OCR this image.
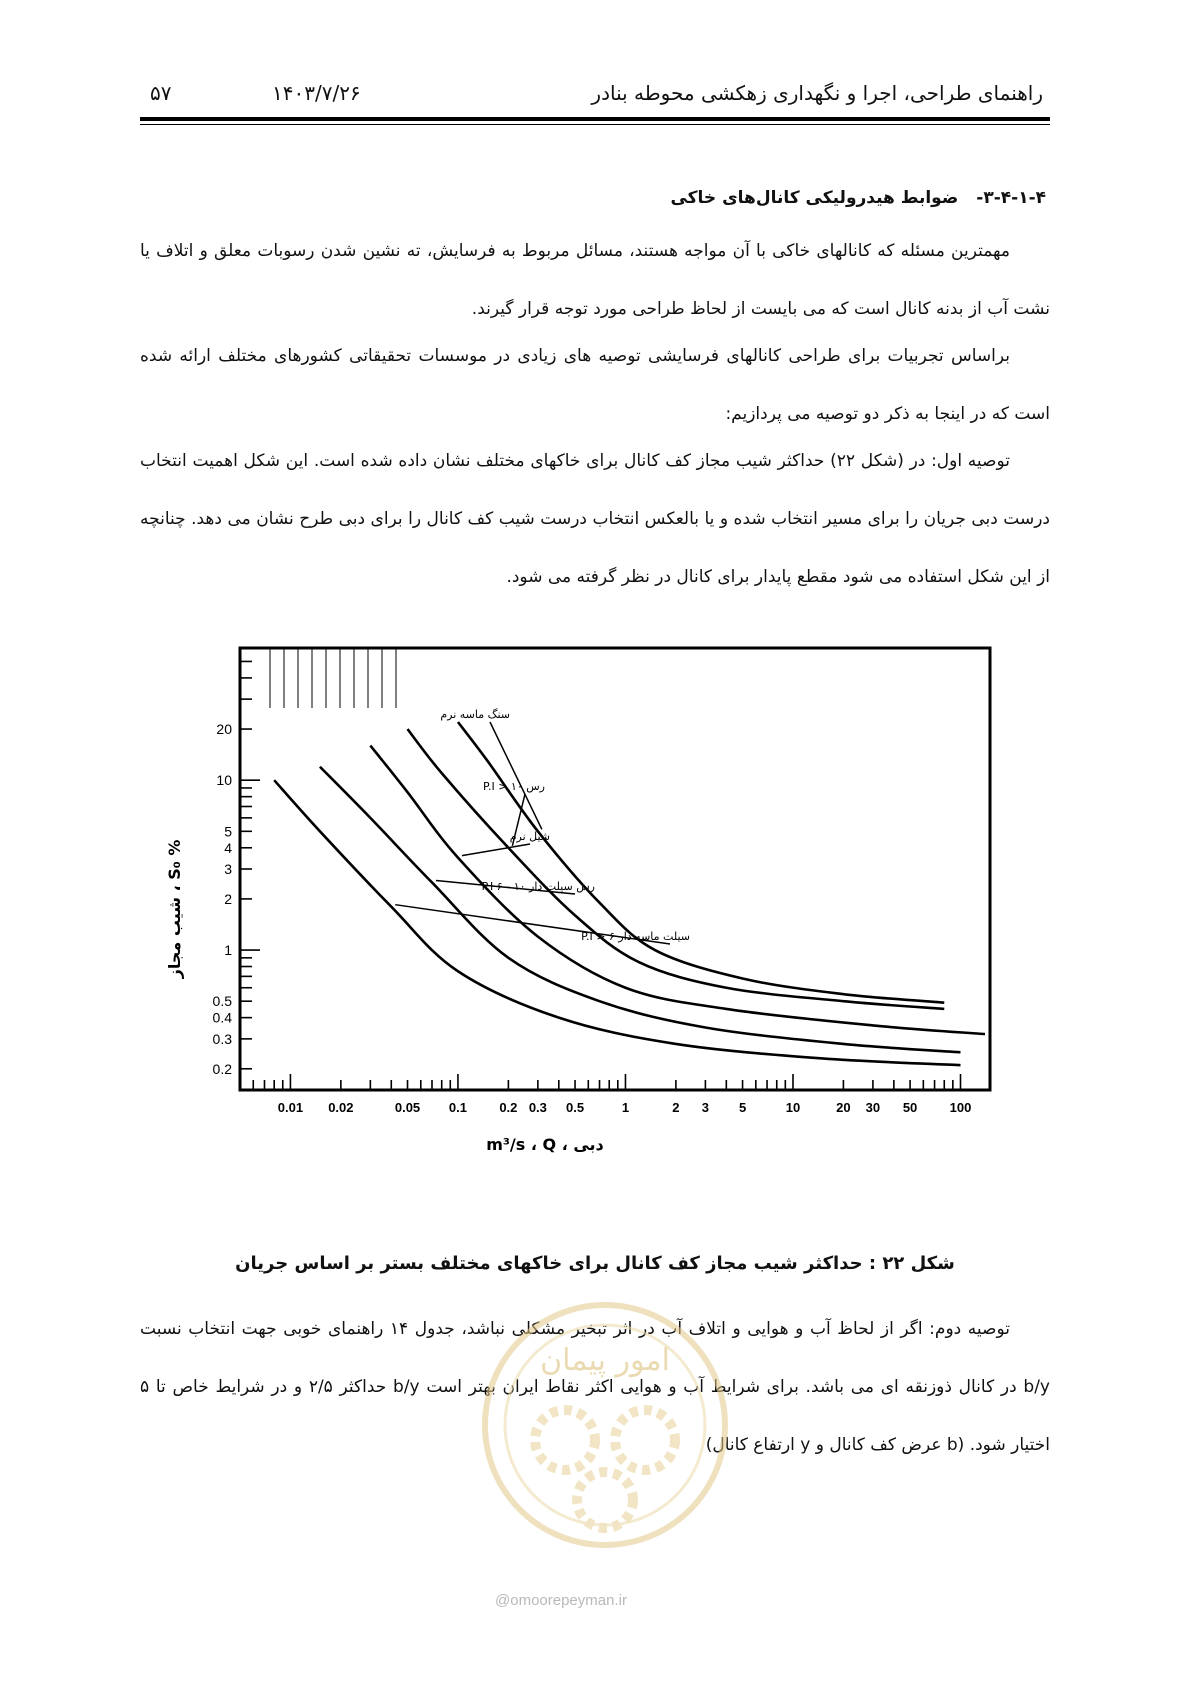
راهنمای طراحی، اجرا و نگهداری زهکشی محوطه بنادر
۱۴۰۳/۷/۲۶
۵۷
۳-۴-۱-۴-ضوابط هیدرولیکی کانال‌های خاکی

مهمترین مسئله که کانالهای خاکی با آن مواجه هستند، مسائل مربوط به فرسایش، ته نشین شدن رسوبات معلق و اتلاف یا نشت آب از بدنه کانال است که می بایست از لحاظ طراحی مورد توجه قرار گیرند.

براساس تجربیات برای طراحی کانالهای فرسایشی توصیه های زیادی در موسسات تحقیقاتی کشورهای مختلف ارائه شده است که در اینجا به ذکر دو توصیه می پردازیم:

توصیه اول: در (شکل ۲۲) حداکثر شیب مجاز کف کانال برای خاکهای مختلف نشان داده شده است. این شکل اهمیت انتخاب درست دبی جریان را برای مسیر انتخاب شده و یا بالعکس انتخاب درست شیب کف کانال را برای دبی طرح نشان می دهد. چنانچه از این شکل استفاده می شود مقطع پایدار برای کانال در نظر گرفته می شود.

0.01 0.02	0.05 0.1 0.2 0.3 0.5	1	2 3 5	10	20 30 50 100
0.2
0.3
0.4
0.5
1
2
3
4
5
10
20
سنگ ماسه نرم
رس ۱۰ < P.I
شیل نرم
رس سیلت دار ۱۰ - ۶ P.I
سیلت ماسه دار ۶ < P.I
m³/s ، Q ، دبی
شیب مجاز ، S₀ %
شکل ۲۲ : حداکثر شیب مجاز کف کانال برای خاکهای مختلف بستر بر اساس جریان

توصیه دوم: اگر از لحاظ آب و هوایی و اتلاف آب در اثر تبخیر مشکلی نباشد، جدول ۱۴ راهنمای خوبی جهت انتخاب نسبت b/y در کانال ذوزنقه ای می باشد. برای شرایط آب و هوایی اکثر نقاط ایران بهتر است b/y حداکثر ۲/۵ و در شرایط خاص تا ۵ اختیار شود. (b عرض کف کانال و y ارتفاع کانال)

امور پیمان
@omoorepeyman.ir
